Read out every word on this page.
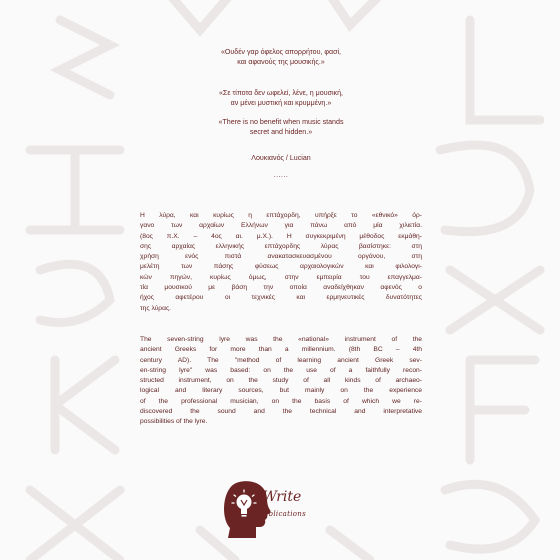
«Ουδέν γαρ όφελος απορρήτου, φασί,
και αφανούς της μουσικής.»
«Σε τίποτα δεν ωφελεί, λένε, η μουσική,
αν μένει μυστική και κρυμμένη.»
«There is no benefit when music stands
secret and hidden.»
Λουκιανός / Lucian
......
Η λύρα, και κυρίως η επτάχορδη, υπήρξε το «εθνικό» όρ-
γανο των αρχαίων Ελλήνων για πάνω από μία χιλιετία.
(8ος π.Χ. – 4ος αι. μ.Χ.). Η συγκεκριμένη μέθοδος εκμάθη-
σης αρχαίας ελληνικής επτάχορδης λύρας βασίστηκε: στη
χρήση ενός πιστά ανακατασκευασμένου οργάνου, στη
μελέτη των πάσης φύσεως αρχαιολογικών και φιλολογι-
κών πηγών, κυρίως όμως, στην εμπειρία του επαγγελμα-
τία μουσικού με βάση την οποία αναδείχθηκαν αφενός ο
ήχος αφετέρου οι τεχνικές και ερμηνευτικές δυνατότητες
της λύρας.
The seven-string lyre was the «national» instrument of the
ancient Greeks for more than a millennium. (8th BC – 4th
century AD). The "method of learning ancient Greek sev-
en-string lyre" was based: on the use of a faithfully recon-
structed instrument, on the study of all kinds of archaeo-
logical and literary sources, but mainly on the experience
of the professional musician, on the basis of which we re-
discovered the sound and the technical and interpretative
possibilities of the lyre.
iWrite
publications
